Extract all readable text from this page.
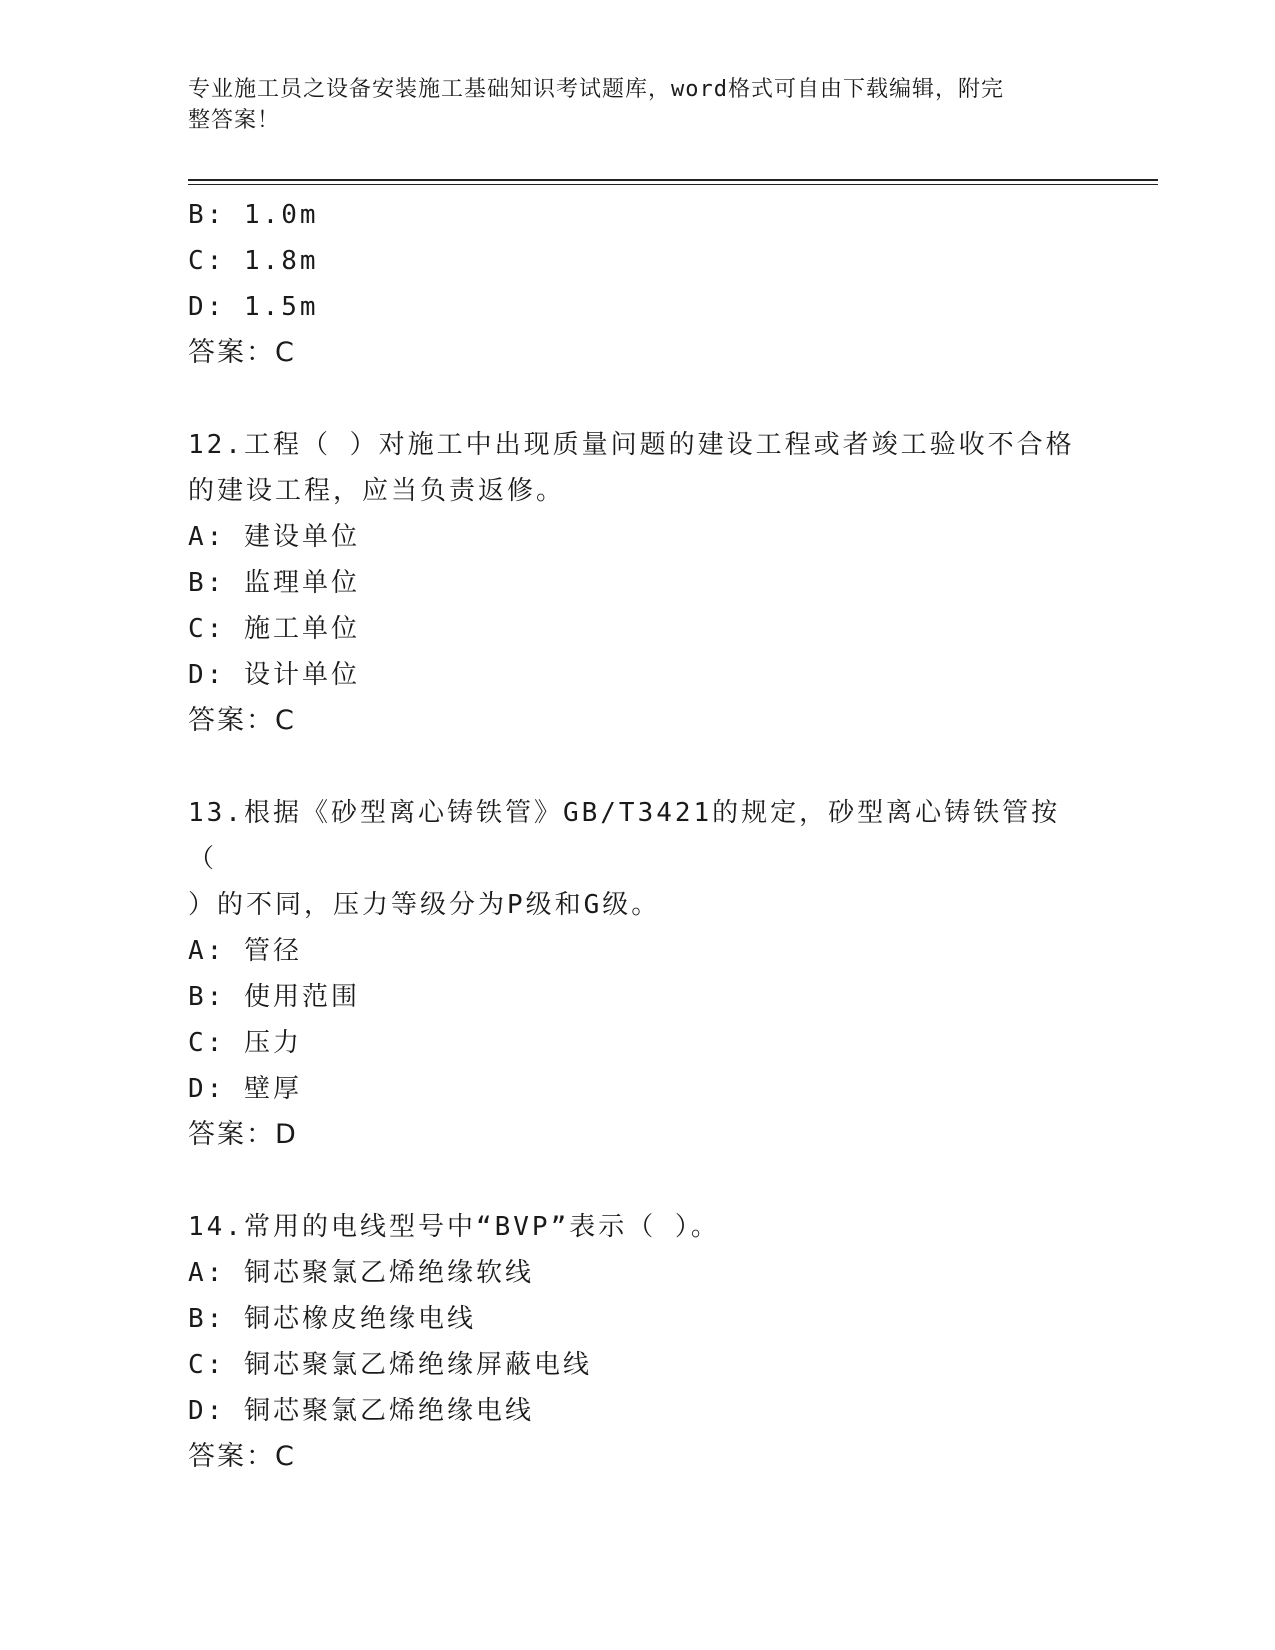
专业施工员之设备安装施工基础知识考试题库，word格式可自由下载编辑，附完
整答案！
B: 1.0m
C: 1.8m
D: 1.5m
答案：C
12.工程（ ）对施工中出现质量问题的建设工程或者竣工验收不合格
的建设工程，应当负责返修。
A: 建设单位
B: 监理单位
C: 施工单位
D: 设计单位
答案：C
13.根据《砂型离心铸铁管》GB/T3421的规定，砂型离心铸铁管按（
）的不同，压力等级分为P级和G级。
A: 管径
B: 使用范围
C: 压力
D: 壁厚
答案：D
14.常用的电线型号中“BVP”表示（ ）。
A: 铜芯聚氯乙烯绝缘软线
B: 铜芯橡皮绝缘电线
C: 铜芯聚氯乙烯绝缘屏蔽电线
D: 铜芯聚氯乙烯绝缘电线
答案：C
